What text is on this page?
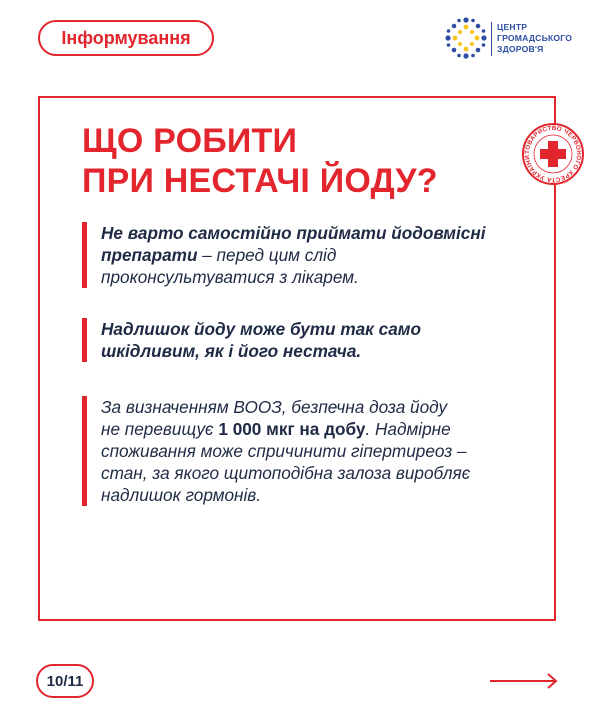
Інформування
ЦЕНТР
ГРОМАДСЬКОГО
ЗДОРОВ'Я
ТОВАРИСТВО ЧЕРВОНОГО ХРЕСТА УКРАЇНИ
ЩО РОБИТИ
ПРИ НЕСТАЧІ ЙОДУ?
Не варто самостійно приймати йодовмісні
препарати – перед цим слід
проконсультуватися з лікарем.
Надлишок йоду може бути так само
шкідливим, як і його нестача.
За визначенням ВООЗ, безпечна доза йоду
не перевищує 1 000 мкг на добу. Надмірне
споживання може спричинити гіпертиреоз –
стан, за якого щитоподібна залоза виробляє
надлишок гормонів.
10/11
